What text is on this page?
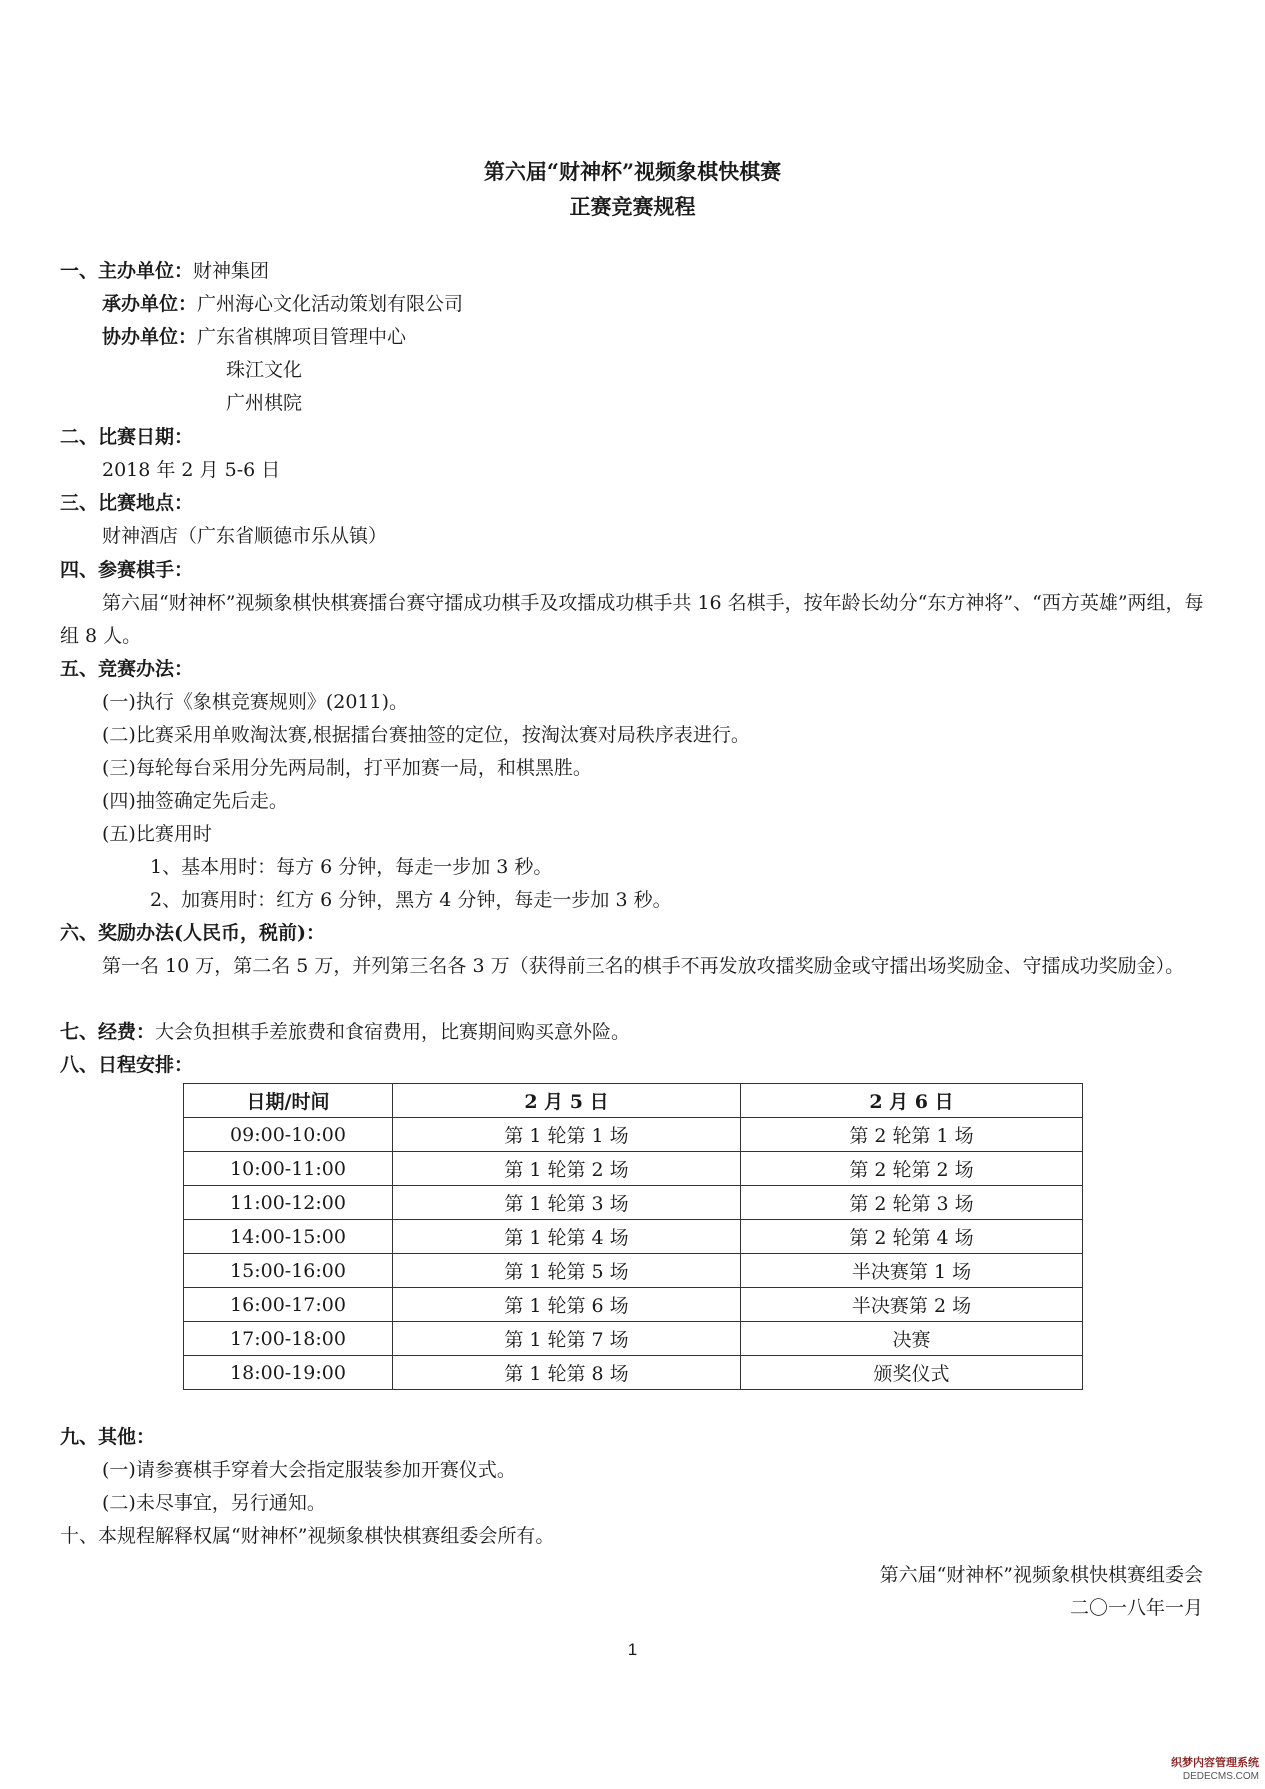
第六届“财神杯”视频象棋快棋赛
正赛竞赛规程
一、主办单位：财神集团
承办单位：广州海心文化活动策划有限公司
协办单位：广东省棋牌项目管理中心
珠江文化
广州棋院
二、比赛日期：
2018 年 2 月 5-6 日
三、比赛地点：
财神酒店（广东省顺德市乐从镇）
四、参赛棋手：
第六届“财神杯”视频象棋快棋赛擂台赛守擂成功棋手及攻擂成功棋手共 16 名棋手，按年龄长幼分“东方神将”、“西方英雄”两组，每组 8 人。
五、竞赛办法：
(一)执行《象棋竞赛规则》(2011)。
(二)比赛采用单败淘汰赛,根据擂台赛抽签的定位，按淘汰赛对局秩序表进行。
(三)每轮每台采用分先两局制，打平加赛一局，和棋黑胜。
(四)抽签确定先后走。
(五)比赛用时
1、基本用时：每方 6 分钟，每走一步加 3 秒。
2、加赛用时：红方 6 分钟，黑方 4 分钟，每走一步加 3 秒。
六、奖励办法(人民币，税前)：
第一名 10 万，第二名 5 万，并列第三名各 3 万（获得前三名的棋手不再发放攻擂奖励金或守擂出场奖励金、守擂成功奖励金）。
七、经费：大会负担棋手差旅费和食宿费用，比赛期间购买意外险。
八、日程安排：
日期/时间	2 月 5 日	2 月 6 日
09:00-10:00	第 1 轮第 1 场	第 2 轮第 1 场
10:00-11:00	第 1 轮第 2 场	第 2 轮第 2 场
11:00-12:00	第 1 轮第 3 场	第 2 轮第 3 场
14:00-15:00	第 1 轮第 4 场	第 2 轮第 4 场
15:00-16:00	第 1 轮第 5 场	半决赛第 1 场
16:00-17:00	第 1 轮第 6 场	半决赛第 2 场
17:00-18:00	第 1 轮第 7 场	决赛
18:00-19:00	第 1 轮第 8 场	颁奖仪式
九、其他：
(一)请参赛棋手穿着大会指定服装参加开赛仪式。
(二)未尽事宜，另行通知。
十、本规程解释权属“财神杯”视频象棋快棋赛组委会所有。
第六届“财神杯”视频象棋快棋赛组委会
二〇一八年一月
1
织梦内容管理系统
DEDECMS.COM
